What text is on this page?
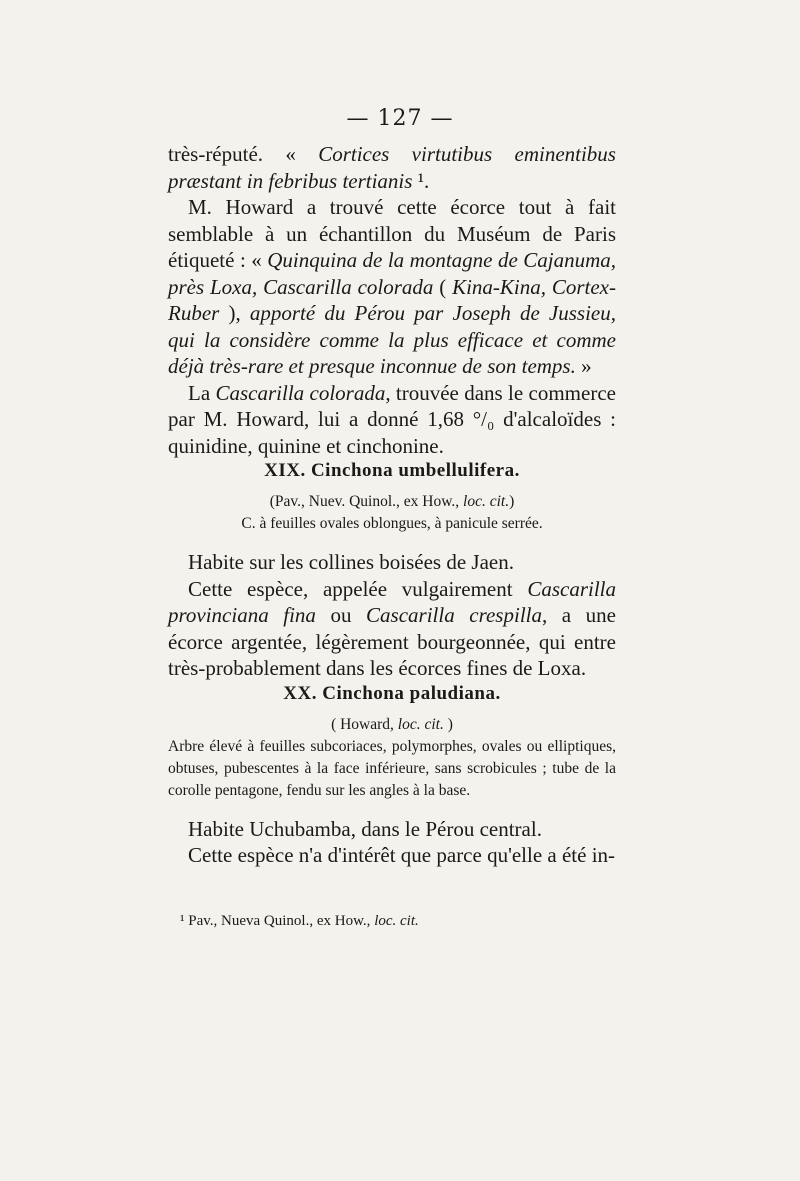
— 127 —

très-réputé. « Cortices virtutibus eminentibus præstant in febribus tertianis ¹.

M. Howard a trouvé cette écorce tout à fait semblable à un échantillon du Muséum de Paris étiqueté : « Quinquina de la montagne de Cajanuma, près Loxa, Cascarilla colorada ( Kina-Kina, Cortex-Ruber ), apporté du Pérou par Joseph de Jussieu, qui la considère comme la plus efficace et comme déjà très-rare et presque inconnue de son temps. »

La Cascarilla colorada, trouvée dans le commerce par M. Howard, lui a donné 1,68 °/₀ d'alcaloïdes : quinidine, quinine et cinchonine.

XIX. Cinchona umbellulifera.

(Pav., Nuev. Quinol., ex How., loc. cit.)

C. à feuilles ovales oblongues, à panicule serrée.

Habite sur les collines boisées de Jaen.

Cette espèce, appelée vulgairement Cascarilla provinciana fina ou Cascarilla crespilla, a une écorce argentée, légèrement bourgeonnée, qui entre très-probablement dans les écorces fines de Loxa.

XX. Cinchona paludiana.

( Howard, loc. cit. )

Arbre élevé à feuilles subcoriaces, polymorphes, ovales ou elliptiques, obtuses, pubescentes à la face inférieure, sans scrobicules ; tube de la corolle pentagone, fendu sur les angles à la base.

Habite Uchubamba, dans le Pérou central.

Cette espèce n'a d'intérêt que parce qu'elle a été in-

¹ Pav., Nueva Quinol., ex How., loc. cit.
